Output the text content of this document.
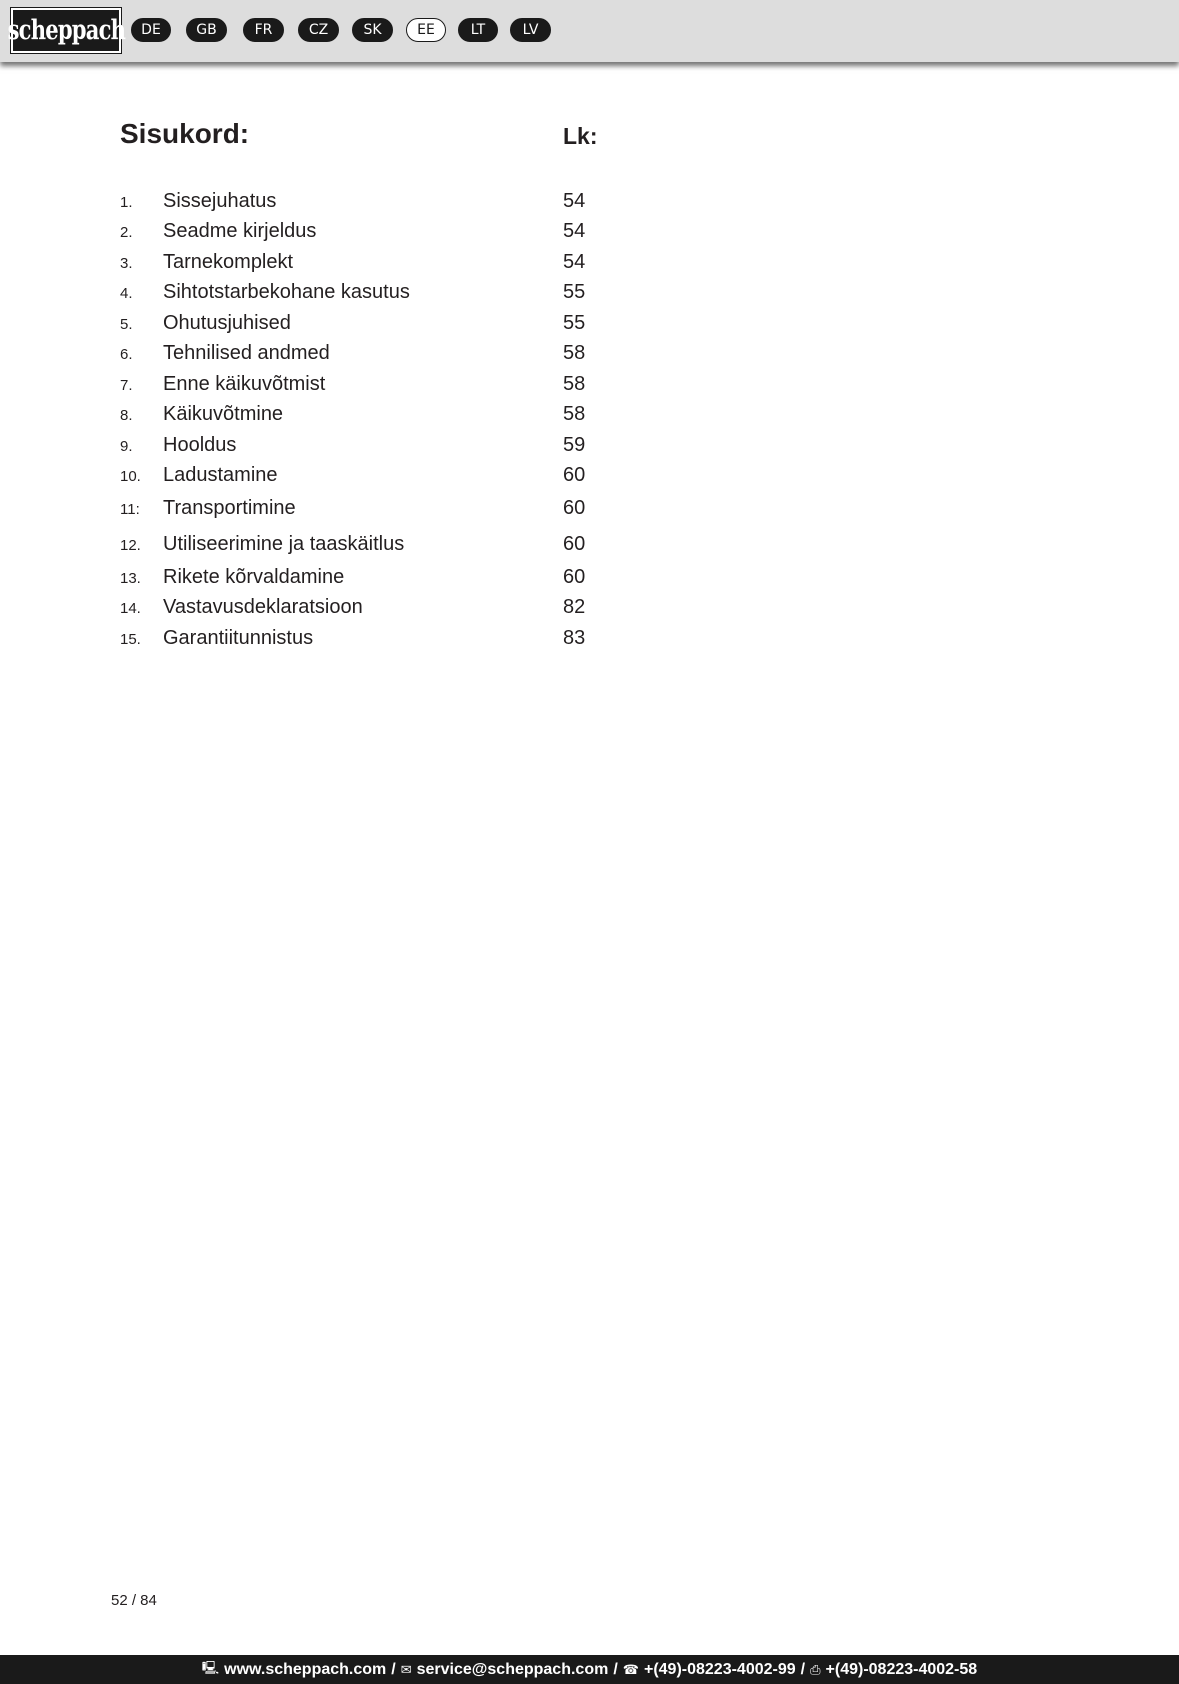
scheppach	DE	GB	FR	CZ	SK	EE	LT	LV
Sisukord:	Lk:
1. Sissejuhatus	54
2. Seadme kirjeldus	54
3. Tarnekomplekt	54
4. Sihtotstarbekohane kasutus	55
5. Ohutusjuhised	55
6. Tehnilised andmed	58
7. Enne käikuvõtmist	58
8. Käikuvõtmine	58
9. Hooldus	59
10. Ladustamine	60
11: Transportimine	60
12. Utiliseerimine ja taaskäitlus	60
13. Rikete kõrvaldamine	60
14. Vastavusdeklaratsioon	82
15. Garantiitunnistus	83
52 / 84
🖳 www.scheppach.com / ✉ service@scheppach.com / ☎ +(49)-08223-4002-99 / ⎙ +(49)-08223-4002-58
